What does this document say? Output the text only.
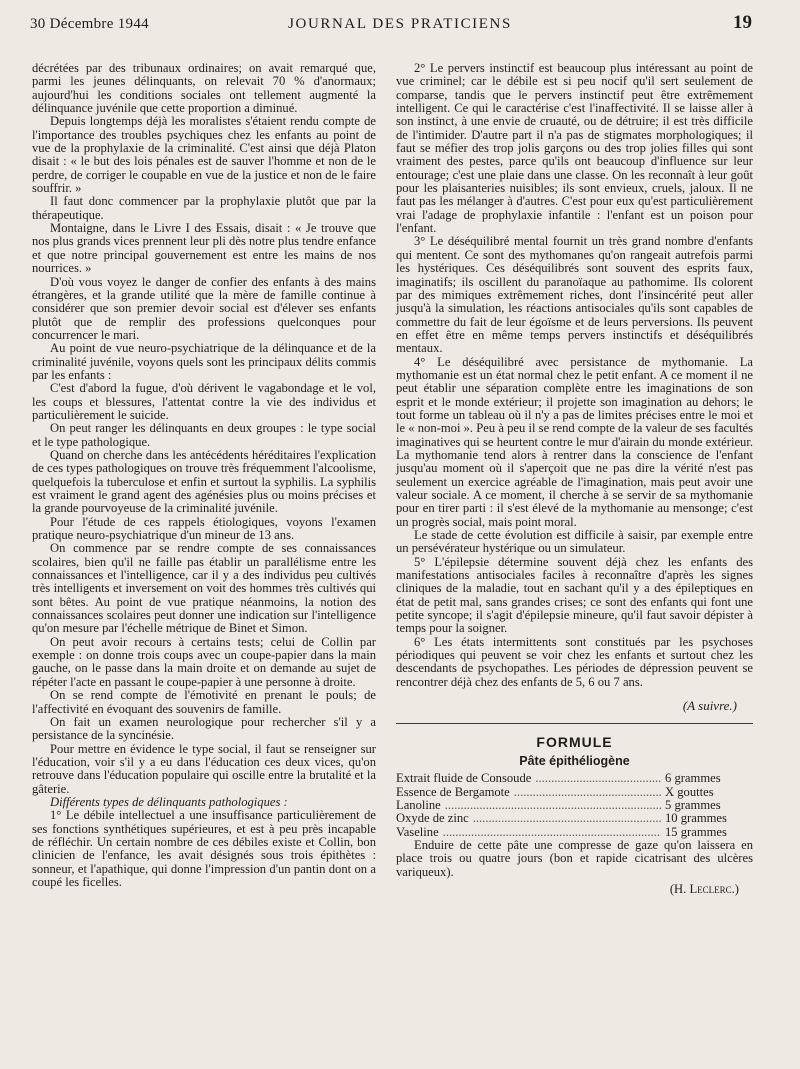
30 Décembre 1944	JOURNAL DES PRATICIENS	19

décrétées par des tribunaux ordinaires; on avait remarqué que, parmi les jeunes délinquants, on relevait 70 % d'anormaux; aujourd'hui les conditions sociales ont tellement augmenté la délinquance juvénile que cette proportion a diminué.

Depuis longtemps déjà les moralistes s'étaient rendu compte de l'importance des troubles psychiques chez les enfants au point de vue de la prophylaxie de la criminalité. C'est ainsi que déjà Platon disait : « le but des lois pénales est de sauver l'homme et non de le perdre, de corriger le coupable en vue de la justice et non de le faire souffrir. »

Il faut donc commencer par la prophylaxie plutôt que par la thérapeutique.

Montaigne, dans le Livre I des Essais, disait : « Je trouve que nos plus grands vices prennent leur pli dès notre plus tendre enfance et que notre principal gouvernement est entre les mains de nos nourrices. »

D'où vous voyez le danger de confier des enfants à des mains étrangères, et la grande utilité que la mère de famille continue à considérer que son premier devoir social est d'élever ses enfants plutôt que de remplir des professions quelconques pour concurrencer le mari.

Au point de vue neuro-psychiatrique de la délinquance et de la criminalité juvénile, voyons quels sont les principaux délits commis par les enfants :

C'est d'abord la fugue, d'où dérivent le vagabondage et le vol, les coups et blessures, l'attentat contre la vie des individus et particulièrement le suicide.

On peut ranger les délinquants en deux groupes : le type social et le type pathologique.

Quand on cherche dans les antécédents héréditaires l'explication de ces types pathologiques on trouve très fréquemment l'alcoolisme, quelquefois la tuberculose et enfin et surtout la syphilis. La syphilis est vraiment le grand agent des agénésies plus ou moins précises et la grande pourvoyeuse de la criminalité juvénile.

Pour l'étude de ces rappels étiologiques, voyons l'examen pratique neuro-psychiatrique d'un mineur de 13 ans.

On commence par se rendre compte de ses connaissances scolaires, bien qu'il ne faille pas établir un parallélisme entre les connaissances et l'intelligence, car il y a des individus peu cultivés très intelligents et inversement on voit des hommes très cultivés qui sont bêtes. Au point de vue pratique néanmoins, la notion des connaissances scolaires peut donner une indication sur l'intelligence qu'on mesure par l'échelle métrique de Binet et Simon.

On peut avoir recours à certains tests; celui de Collin par exemple : on donne trois coups avec un coupe-papier dans la main gauche, on le passe dans la main droite et on demande au sujet de répéter l'acte en passant le coupe-papier à une personne à droite.

On se rend compte de l'émotivité en prenant le pouls; de l'affectivité en évoquant des souvenirs de famille.

On fait un examen neurologique pour rechercher s'il y a persistance de la syncinésie.

Pour mettre en évidence le type social, il faut se renseigner sur l'éducation, voir s'il y a eu dans l'éducation ces deux vices, qu'on retrouve dans l'éducation populaire qui oscille entre la brutalité et la gâterie.

Différents types de délinquants pathologiques :

1° Le débile intellectuel a une insuffisance particulièrement de ses fonctions synthétiques supérieures, et est à peu près incapable de réfléchir. Un certain nombre de ces débiles existe et Collin, bon clinicien de l'enfance, les avait désignés sous trois épithètes : sonneur, et l'apathique, qui donne l'impression d'un pantin dont on a coupé les ficelles.

2° Le pervers instinctif est beaucoup plus intéressant au point de vue criminel; car le débile est si peu nocif qu'il sert seulement de comparse, tandis que le pervers instinctif peut être extrêmement intelligent. Ce qui le caractérise c'est l'inaffectivité. Il se laisse aller à son instinct, à une envie de cruauté, ou de détruire; il est très difficile de l'intimider. D'autre part il n'a pas de stigmates morphologiques; il faut se méfier des trop jolis garçons ou des trop jolies filles qui sont vraiment des pestes, parce qu'ils ont beaucoup d'influence sur leur entourage; c'est une plaie dans une classe. On les reconnaît à leur goût pour les plaisanteries nuisibles; ils sont envieux, cruels, jaloux. Il ne faut pas les mélanger à d'autres. C'est pour eux qu'est particulièrement vrai l'adage de prophylaxie infantile : l'enfant est un poison pour l'enfant.

3° Le déséquilibré mental fournit un très grand nombre d'enfants qui mentent. Ce sont des mythomanes qu'on rangeait autrefois parmi les hystériques. Ces déséquilibrés sont souvent des esprits faux, imaginatifs; ils oscillent du paranoïaque au pathomime. Ils colorent par des mimiques extrêmement riches, dont l'insincérité peut aller jusqu'à la simulation, les réactions antisociales qu'ils sont capables de commettre du fait de leur égoïsme et de leurs perversions. Ils peuvent en effet être en même temps pervers instinctifs et déséquilibrés mentaux.

4° Le déséquilibré avec persistance de mythomanie. La mythomanie est un état normal chez le petit enfant. A ce moment il ne peut établir une séparation complète entre les imaginations de son esprit et le monde extérieur; il projette son imagination au dehors; le tout forme un tableau où il n'y a pas de limites précises entre le moi et le « non-moi ». Peu à peu il se rend compte de la valeur de ses facultés imaginatives qui se heurtent contre le mur d'airain du monde extérieur. La mythomanie tend alors à rentrer dans la conscience de l'enfant jusqu'au moment où il s'aperçoit que ne pas dire la vérité n'est pas seulement un exercice agréable de l'imagination, mais peut avoir une valeur sociale. A ce moment, il cherche à se servir de sa mythomanie pour en tirer parti : il s'est élevé de la mythomanie au mensonge; c'est un progrès social, mais point moral.

Le stade de cette évolution est difficile à saisir, par exemple entre un persévérateur hystérique ou un simulateur.

5° L'épilepsie détermine souvent déjà chez les enfants des manifestations antisociales faciles à reconnaître d'après les signes cliniques de la maladie, tout en sachant qu'il y a des épileptiques en état de petit mal, sans grandes crises; ce sont des enfants qui font une petite syncope; il s'agit d'épilepsie mineure, qu'il faut savoir dépister à temps pour la soigner.

6° Les états intermittents sont constitués par les psychoses périodiques qui peuvent se voir chez les enfants et surtout chez les descendants de psychopathes. Les périodes de dépression peuvent se rencontrer déjà chez des enfants de 5, 6 ou 7 ans.

(A suivre.)
FORMULE
Pâte épithéliogène
Extrait fluide de Consoude .....	6 grammes
Essence de Bergamote .....	X gouttes
Lanoline .....	5 grammes
Oxyde de zinc .....	10 grammes
Vaseline .....	15 grammes

Enduire de cette pâte une compresse de gaze qu'on laissera en place trois ou quatre jours (bon et rapide cicatrisant des ulcères variqueux).

(H. Leclerc.)
